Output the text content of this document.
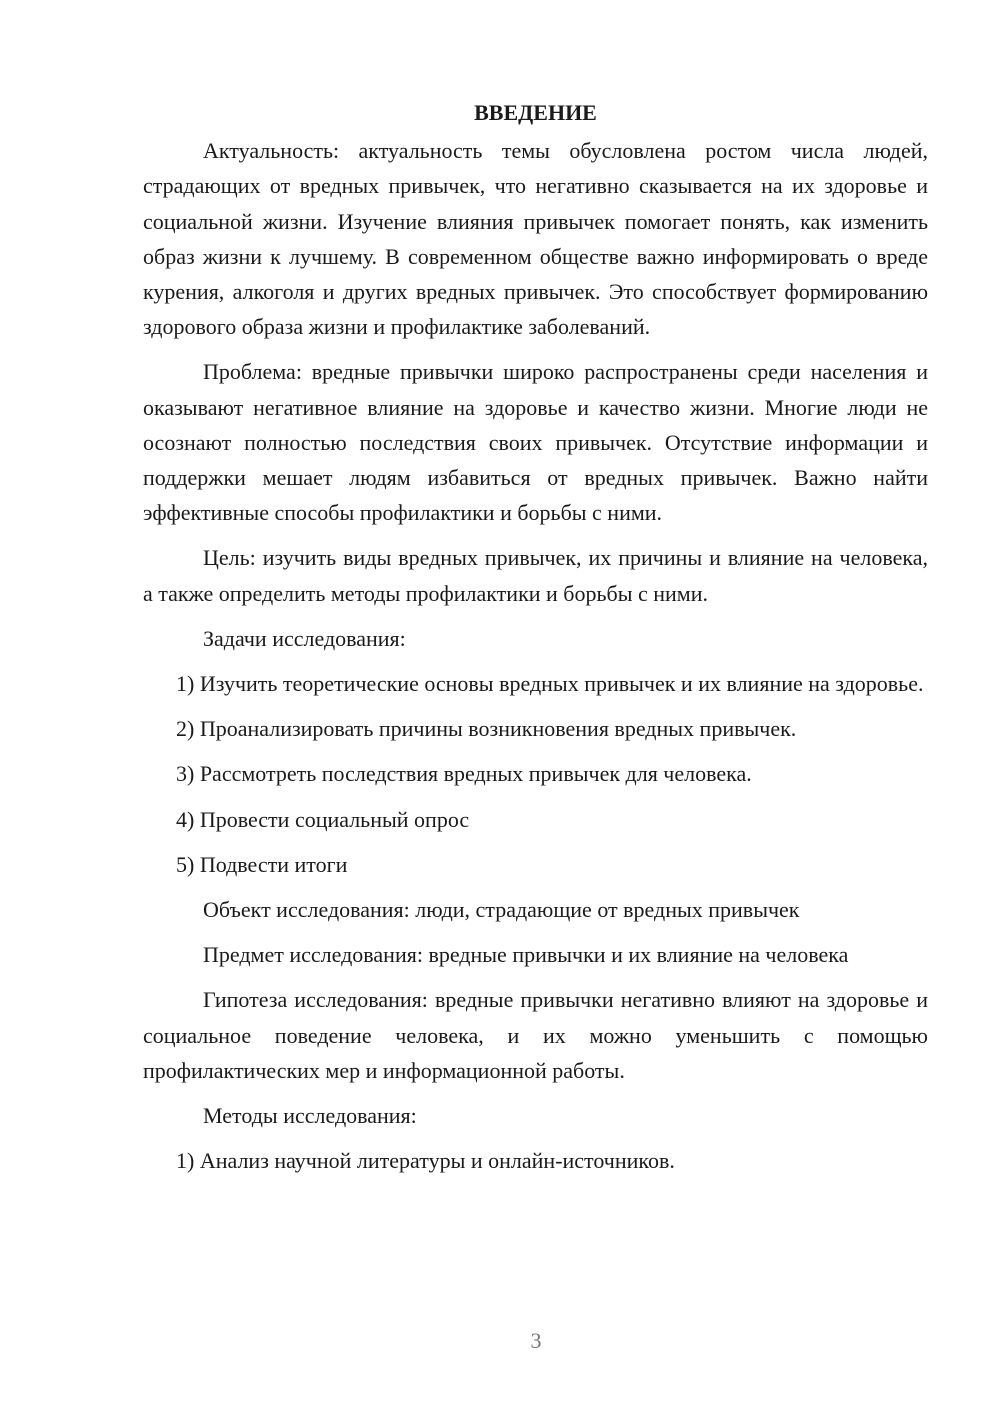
ВВЕДЕНИЕ

Актуальность: актуальность темы обусловлена ростом числа людей, страдающих от вредных привычек, что негативно сказывается на их здоровье и социальной жизни. Изучение влияния привычек помогает понять, как изменить образ жизни к лучшему. В современном обществе важно информировать о вреде курения, алкоголя и других вредных привычек. Это способствует формированию здорового образа жизни и профилактике заболеваний.

Проблема: вредные привычки широко распространены среди населения и оказывают негативное влияние на здоровье и качество жизни. Многие люди не осознают полностью последствия своих привычек. Отсутствие информации и поддержки мешает людям избавиться от вредных привычек. Важно найти эффективные способы профилактики и борьбы с ними.

Цель: изучить виды вредных привычек, их причины и влияние на человека, а также определить методы профилактики и борьбы с ними.

Задачи исследования:

1) Изучить теоретические основы вредных привычек и их влияние на здоровье.

2) Проанализировать причины возникновения вредных привычек.

3) Рассмотреть последствия вредных привычек для человека.

4) Провести социальный опрос

5) Подвести итоги

Объект исследования: люди, страдающие от вредных привычек

Предмет исследования: вредные привычки и их влияние на человека

Гипотеза исследования: вредные привычки негативно влияют на здоровье и социальное поведение человека, и их можно уменьшить с помощью профилактических мер и информационной работы.

Методы исследования:

1) Анализ научной литературы и онлайн-источников.

3
